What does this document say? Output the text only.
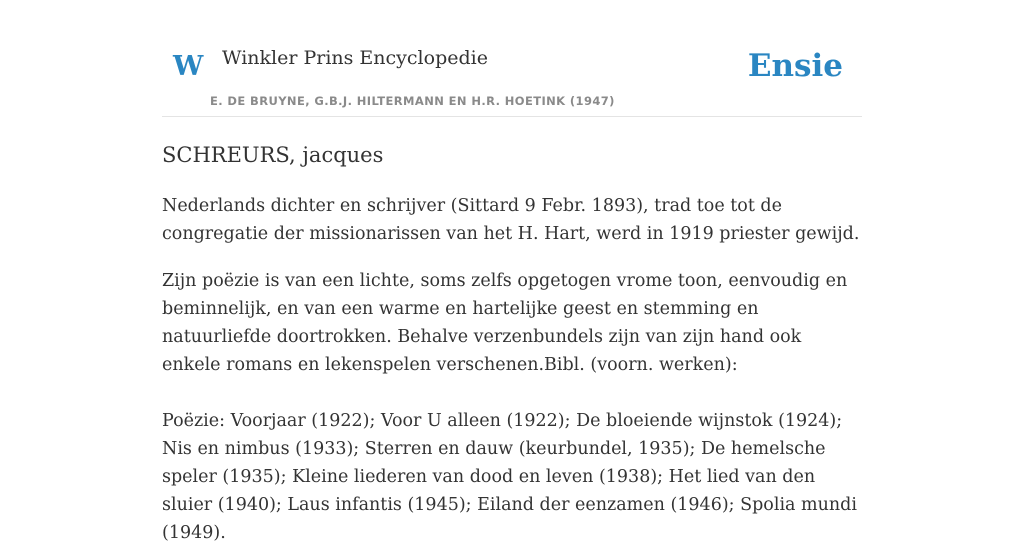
W Winkler Prins Encyclopedie
E. DE BRUYNE, G.B.J. HILTERMANN EN H.R. HOETINK (1947)
Ensie
SCHREURS, jacques

Nederlands dichter en schrijver (Sittard 9 Febr. 1893), trad toe tot de congregatie der missionarissen van het H. Hart, werd in 1919 priester gewijd.

Zijn poëzie is van een lichte, soms zelfs opgetogen vrome toon, eenvoudig en beminnelijk, en van een warme en hartelijke geest en stemming en natuurliefde doortrokken. Behalve verzenbundels zijn van zijn hand ook enkele romans en lekenspelen verschenen.Bibl. (voorn. werken):

Poëzie: Voorjaar (1922); Voor U alleen (1922); De bloeiende wijnstok (1924); Nis en nimbus (1933); Sterren en dauw (keurbundel, 1935); De hemelsche speler (1935); Kleine liederen van dood en leven (1938); Het lied van den sluier (1940); Laus infantis (1945); Eiland der eenzamen (1946); Spolia mundi (1949).
